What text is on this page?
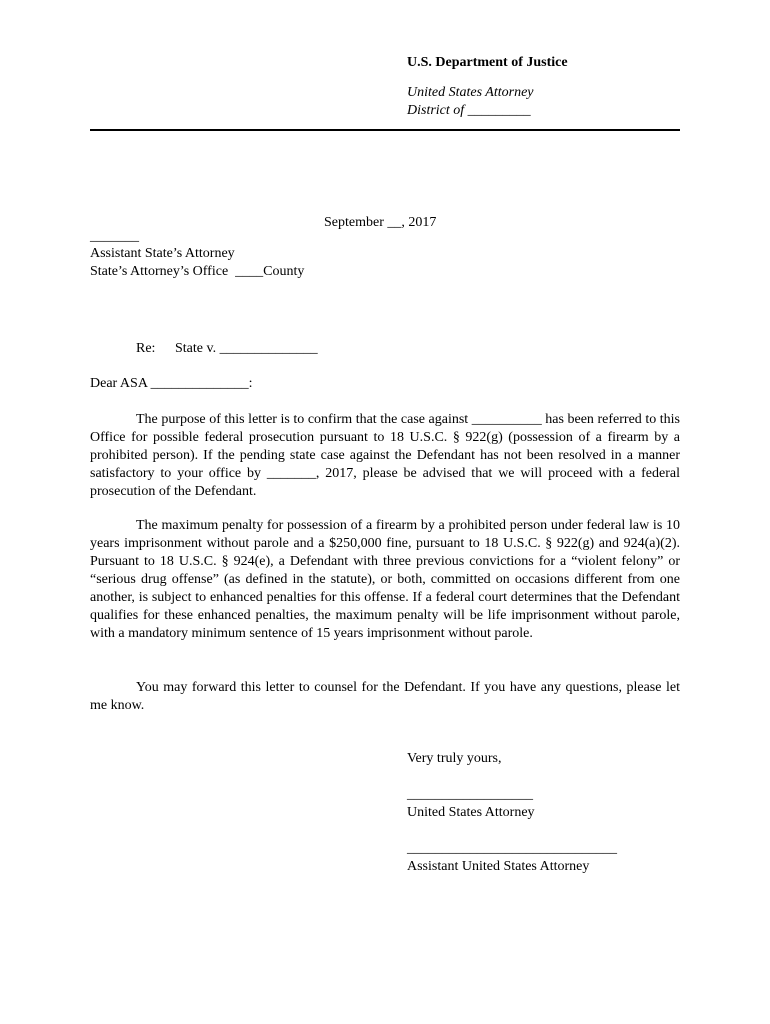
U.S. Department of Justice
United States Attorney
District of _________
September __, 2017
_______
Assistant State’s Attorney
State’s Attorney’s Office  ____County
Re: State v. ______________
Dear ASA ______________:
The purpose of this letter is to confirm that the case against __________ has been referred to this Office for possible federal prosecution pursuant to 18 U.S.C. § 922(g) (possession of a firearm by a prohibited person). If the pending state case against the Defendant has not been resolved in a manner satisfactory to your office by _______, 2017, please be advised that we will proceed with a federal prosecution of the Defendant.
The maximum penalty for possession of a firearm by a prohibited person under federal law is 10 years imprisonment without parole and a $250,000 fine, pursuant to 18 U.S.C. § 922(g) and 924(a)(2). Pursuant to 18 U.S.C. § 924(e), a Defendant with three previous convictions for a “violent felony” or “serious drug offense” (as defined in the statute), or both, committed on occasions different from one another, is subject to enhanced penalties for this offense. If a federal court determines that the Defendant qualifies for these enhanced penalties, the maximum penalty will be life imprisonment without parole, with a mandatory minimum sentence of 15 years imprisonment without parole.
You may forward this letter to counsel for the Defendant. If you have any questions, please let me know.
Very truly yours,
__________________
United States Attorney
______________________________
Assistant United States Attorney
